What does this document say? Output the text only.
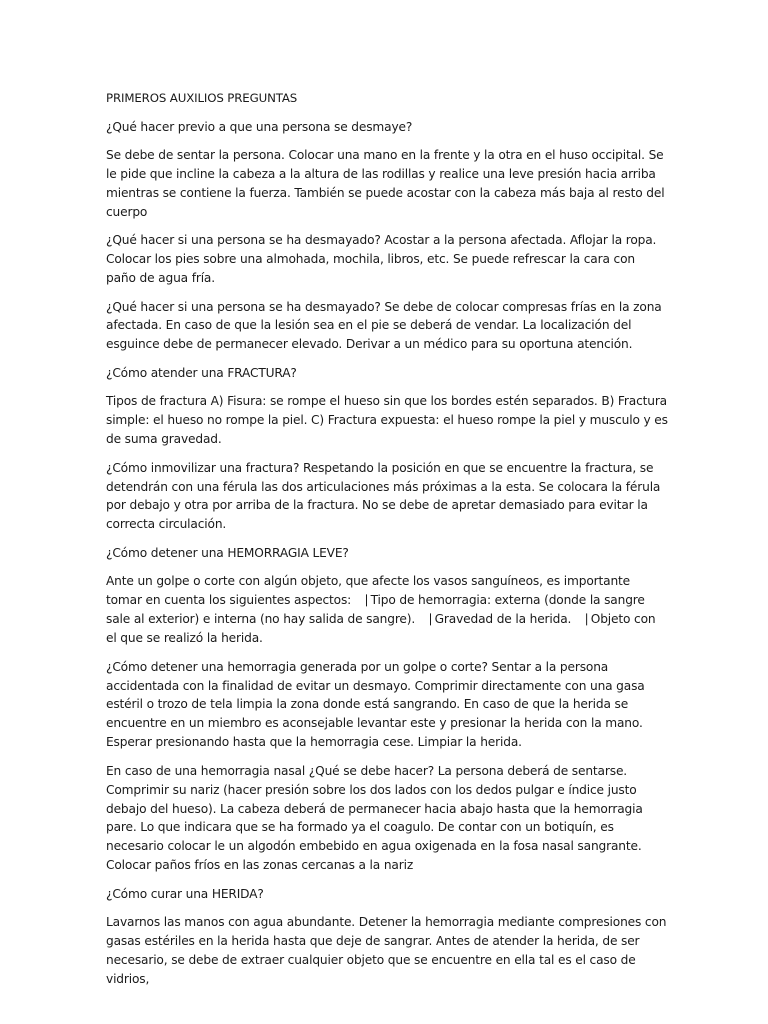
PRIMEROS AUXILIOS PREGUNTAS

¿Qué hacer previo a que una persona se desmaye?

Se debe de sentar la persona. Colocar una mano en la frente y la otra en el huso occipital. Se le pide que incline la cabeza a la altura de las rodillas y realice una leve presión hacia arriba mientras se contiene la fuerza. También se puede acostar con la cabeza más baja al resto del cuerpo

¿Qué hacer si una persona se ha desmayado? Acostar a la persona afectada. Aflojar la ropa. Colocar los pies sobre una almohada, mochila, libros, etc. Se puede refrescar la cara con paño de agua fría.

¿Qué hacer si una persona se ha desmayado? Se debe de colocar compresas frías en la zona afectada. En caso de que la lesión sea en el pie se deberá de vendar. La localización del esguince debe de permanecer elevado. Derivar a un médico para su oportuna atención.

¿Cómo atender una FRACTURA?

Tipos de fractura A) Fisura: se rompe el hueso sin que los bordes estén separados. B) Fractura simple: el hueso no rompe la piel. C) Fractura expuesta: el hueso rompe la piel y musculo y es de suma gravedad.

¿Cómo inmovilizar una fractura? Respetando la posición en que se encuentre la fractura, se detendrán con una férula las dos articulaciones más próximas a la esta. Se colocara la férula por debajo y otra por arriba de la fractura. No se debe de apretar demasiado para evitar la correcta circulación.

¿Cómo detener una HEMORRAGIA LEVE?

Ante un golpe o corte con algún objeto, que afecte los vasos sanguíneos, es importante tomar en cuenta los siguientes aspectos: ⎹ Tipo de hemorragia: externa (donde la sangre sale al exterior) e interna (no hay salida de sangre). ⎹ Gravedad de la herida. ⎹ Objeto con el que se realizó la herida.

¿Cómo detener una hemorragia generada por un golpe o corte? Sentar a la persona accidentada con la finalidad de evitar un desmayo. Comprimir directamente con una gasa estéril o trozo de tela limpia la zona donde está sangrando. En caso de que la herida se encuentre en un miembro es aconsejable levantar este y presionar la herida con la mano. Esperar presionando hasta que la hemorragia cese. Limpiar la herida.

En caso de una hemorragia nasal ¿Qué se debe hacer? La persona deberá de sentarse. Comprimir su nariz (hacer presión sobre los dos lados con los dedos pulgar e índice justo debajo del hueso). La cabeza deberá de permanecer hacia abajo hasta que la hemorragia pare. Lo que indicara que se ha formado ya el coagulo. De contar con un botiquín, es necesario colocar le un algodón embebido en agua oxigenada en la fosa nasal sangrante. Colocar paños fríos en las zonas cercanas a la nariz

¿Cómo curar una HERIDA?

Lavarnos las manos con agua abundante. Detener la hemorragia mediante compresiones con gasas estériles en la herida hasta que deje de sangrar. Antes de atender la herida, de ser necesario, se debe de extraer cualquier objeto que se encuentre en ella tal es el caso de vidrios,
